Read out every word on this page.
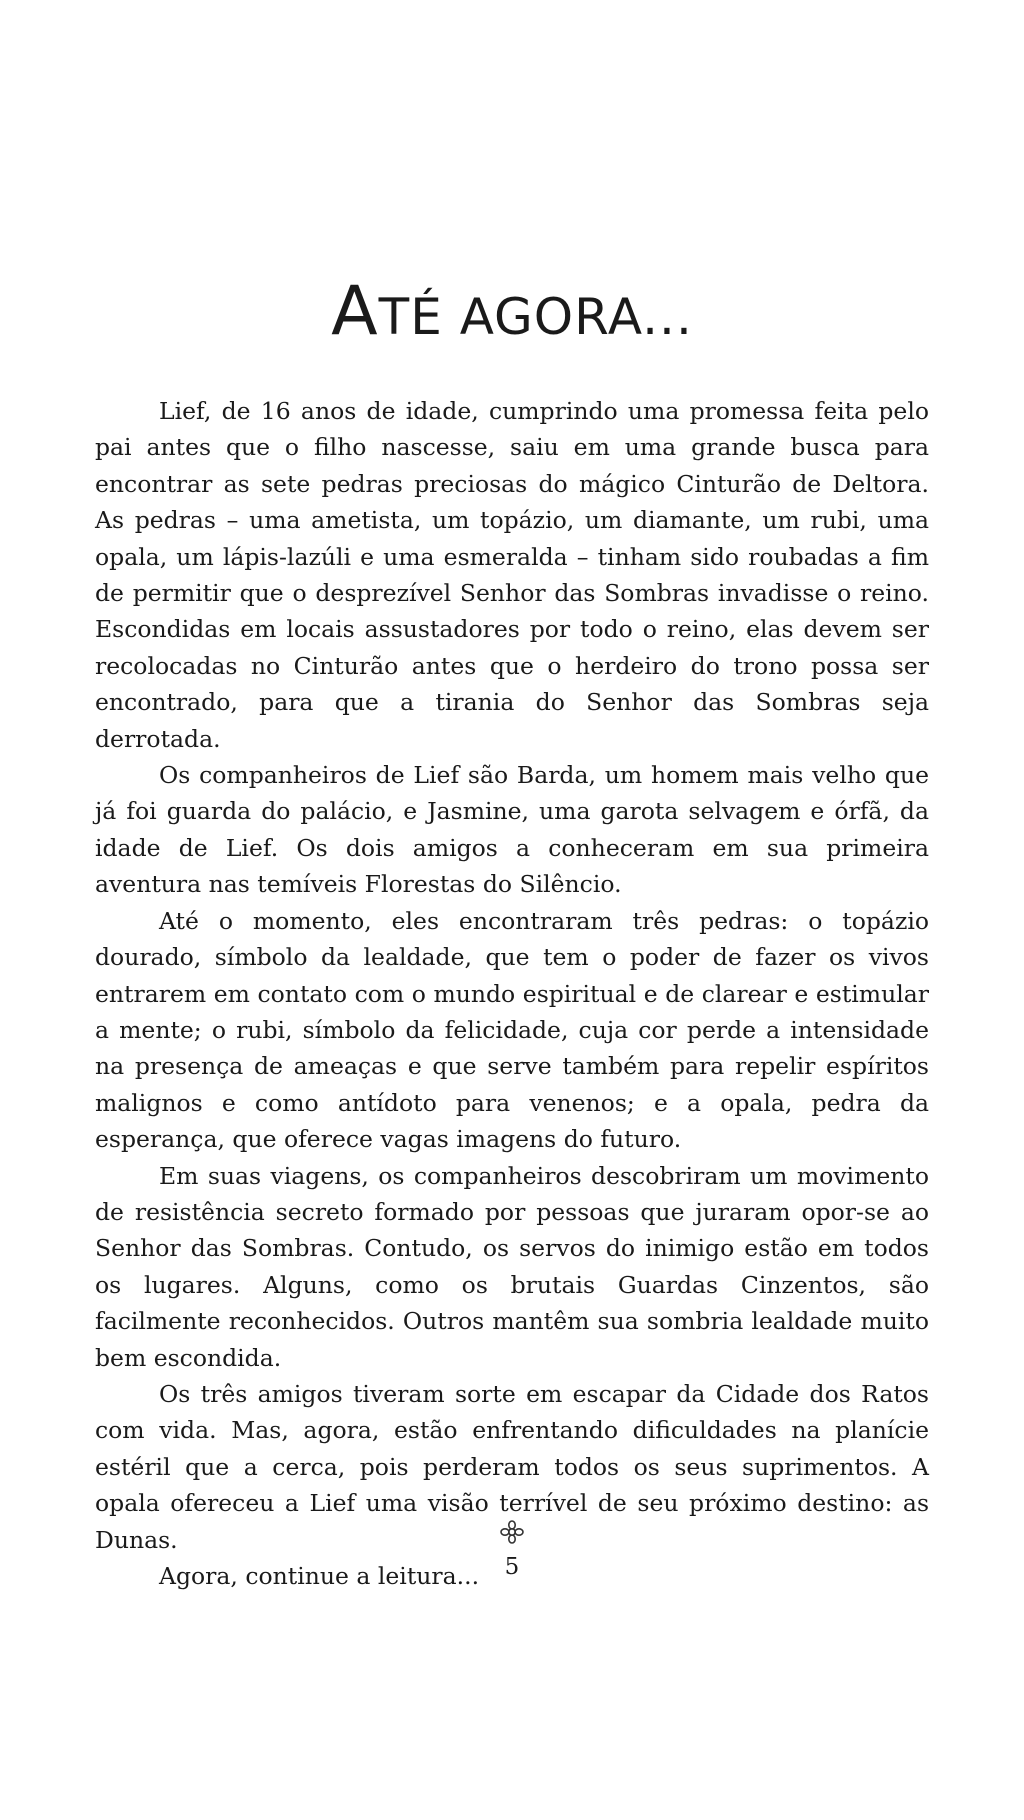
ATÉ AGORA...

Lief, de 16 anos de idade, cumprindo uma promessa feita pelo pai antes que o filho nascesse, saiu em uma grande busca para encontrar as sete pedras preciosas do mágico Cinturão de Deltora. As pedras – uma ametista, um topázio, um diamante, um rubi, uma opala, um lápis-lazúli e uma esmeralda – tinham sido roubadas a fim de permitir que o desprezível Senhor das Sombras invadisse o reino. Escondidas em locais assustadores por todo o reino, elas devem ser recolocadas no Cinturão antes que o herdeiro do trono possa ser encontrado, para que a tirania do Senhor das Sombras seja derrotada.

Os companheiros de Lief são Barda, um homem mais velho que já foi guarda do palácio, e Jasmine, uma garota selvagem e órfã, da idade de Lief. Os dois amigos a conheceram em sua primeira aventura nas temíveis Florestas do Silêncio.

Até o momento, eles encontraram três pedras: o topázio dourado, símbolo da lealdade, que tem o poder de fazer os vivos entrarem em contato com o mundo espiritual e de clarear e estimular a mente; o rubi, símbolo da felicidade, cuja cor perde a intensidade na presença de ameaças e que serve também para repelir espíritos malignos e como antídoto para venenos; e a opala, pedra da esperança, que oferece vagas imagens do futuro.

Em suas viagens, os companheiros descobriram um movimento de resistência secreto formado por pessoas que juraram opor-se ao Senhor das Sombras. Contudo, os servos do inimigo estão em todos os lugares. Alguns, como os brutais Guardas Cinzentos, são facilmente reconhecidos. Outros mantêm sua sombria lealdade muito bem escondida.

Os três amigos tiveram sorte em escapar da Cidade dos Ratos com vida. Mas, agora, estão enfrentando dificuldades na planície estéril que a cerca, pois perderam todos os seus suprimentos. A opala ofereceu a Lief uma visão terrível de seu próximo destino: as Dunas.

Agora, continue a leitura...	5
